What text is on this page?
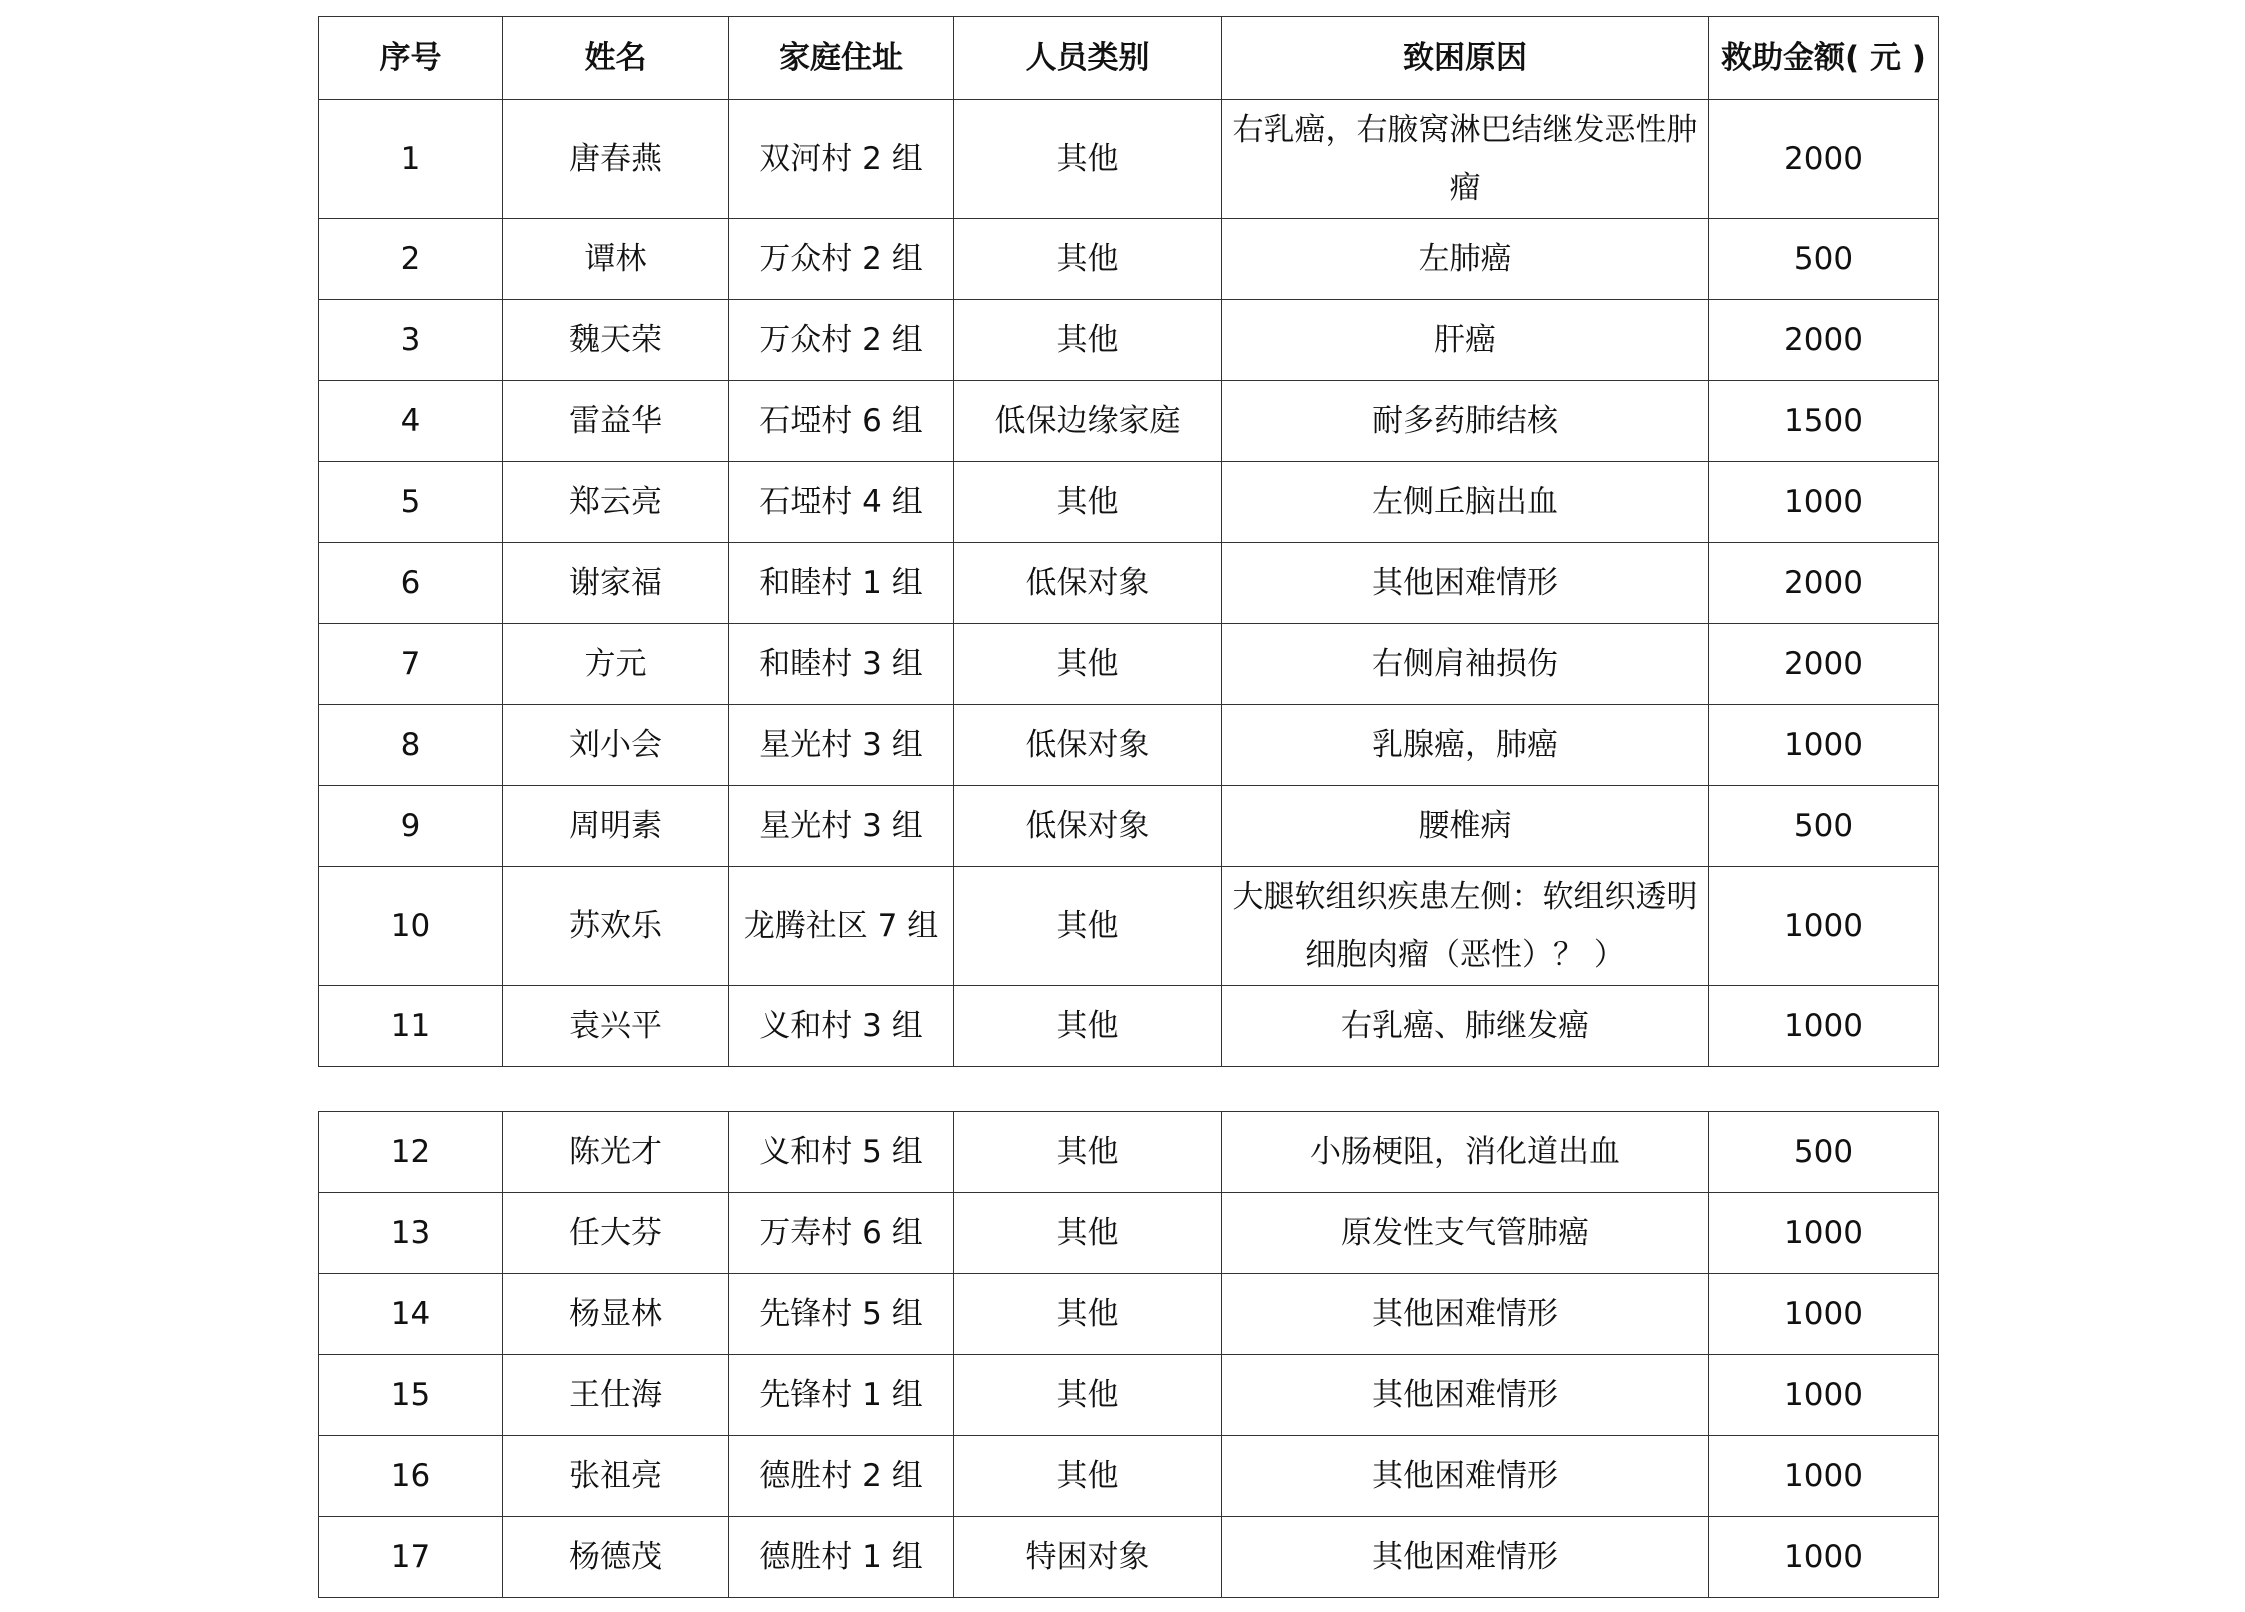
序号	姓名	家庭住址	人员类别	致困原因	救助金额( 元 )
1	唐春燕	双河村 2 组	其他	右乳癌，右腋窝淋巴结继发恶性肿瘤	2000
2	谭林	万众村 2 组	其他	左肺癌	500
3	魏天荣	万众村 2 组	其他	肝癌	2000
4	雷益华	石埡村 6 组	低保边缘家庭	耐多药肺结核	1500
5	郑云亮	石埡村 4 组	其他	左侧丘脑出血	1000
6	谢家福	和睦村 1 组	低保对象	其他困难情形	2000
7	方元	和睦村 3 组	其他	右侧肩袖损伤	2000
8	刘小会	星光村 3 组	低保对象	乳腺癌，肺癌	1000
9	周明素	星光村 3 组	低保对象	腰椎病	500
10	苏欢乐	龙腾社区 7 组	其他	大腿软组织疾患左侧：软组织透明细胞肉瘤（恶性）？ ）	1000
11	袁兴平	义和村 3 组	其他	右乳癌、肺继发癌	1000
12	陈光才	义和村 5 组	其他	小肠梗阻，消化道出血	500
13	任大芬	万寿村 6 组	其他	原发性支气管肺癌	1000
14	杨显林	先锋村 5 组	其他	其他困难情形	1000
15	王仕海	先锋村 1 组	其他	其他困难情形	1000
16	张祖亮	德胜村 2 组	其他	其他困难情形	1000
17	杨德茂	德胜村 1 组	特困对象	其他困难情形	1000
